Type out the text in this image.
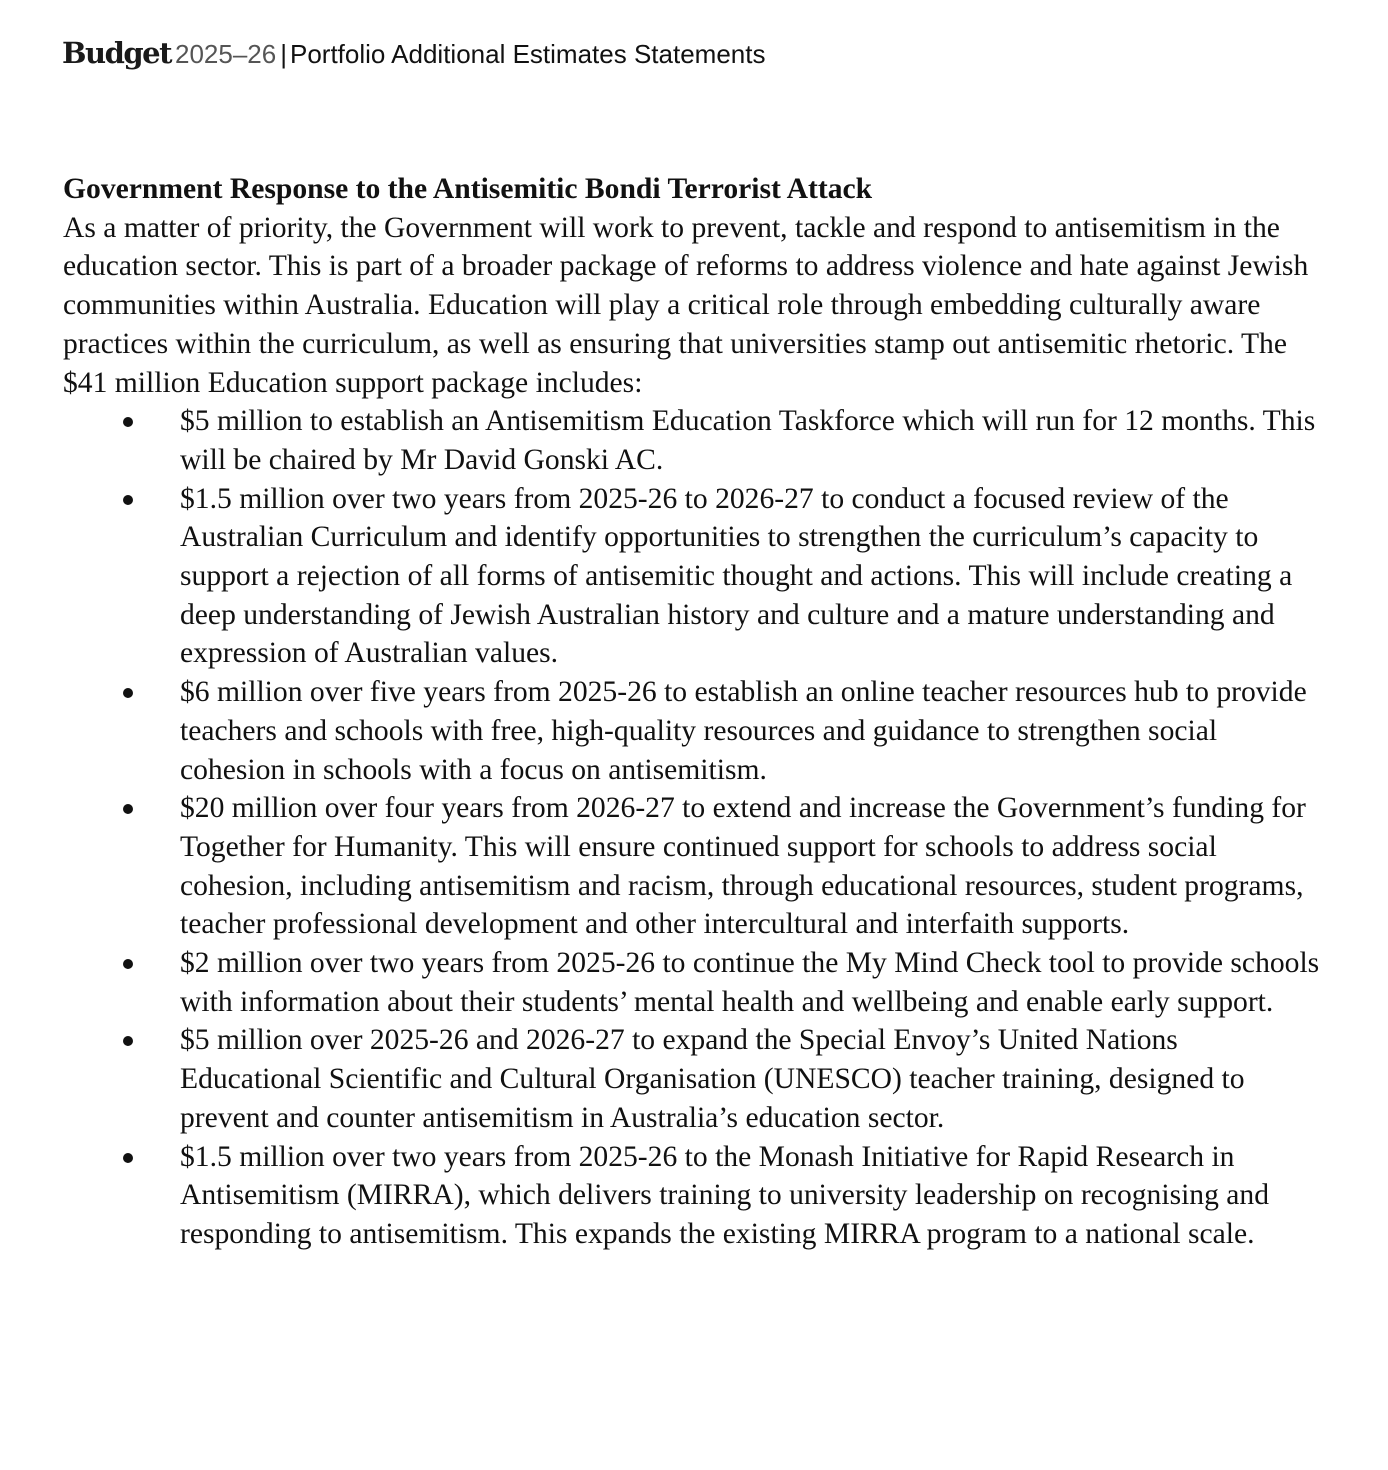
Budget 2025–26 | Portfolio Additional Estimates Statements

Government Response to the Antisemitic Bondi Terrorist Attack

As a matter of priority, the Government will work to prevent, tackle and respond to antisemitism in the education sector. This is part of a broader package of reforms to address violence and hate against Jewish communities within Australia. Education will play a critical role through embedding culturally aware practices within the curriculum, as well as ensuring that universities stamp out antisemitic rhetoric. The $41 million Education support package includes:

$5 million to establish an Antisemitism Education Taskforce which will run for 12 months. This will be chaired by Mr David Gonski AC.
$1.5 million over two years from 2025-26 to 2026-27 to conduct a focused review of the Australian Curriculum and identify opportunities to strengthen the curriculum’s capacity to support a rejection of all forms of antisemitic thought and actions. This will include creating a deep understanding of Jewish Australian history and culture and a mature understanding and expression of Australian values.
$6 million over five years from 2025-26 to establish an online teacher resources hub to provide teachers and schools with free, high-quality resources and guidance to strengthen social cohesion in schools with a focus on antisemitism.
$20 million over four years from 2026-27 to extend and increase the Government’s funding for Together for Humanity. This will ensure continued support for schools to address social cohesion, including antisemitism and racism, through educational resources, student programs, teacher professional development and other intercultural and interfaith supports.
$2 million over two years from 2025-26 to continue the My Mind Check tool to provide schools with information about their students’ mental health and wellbeing and enable early support.
$5 million over 2025-26 and 2026-27 to expand the Special Envoy’s United Nations Educational Scientific and Cultural Organisation (UNESCO) teacher training, designed to prevent and counter antisemitism in Australia’s education sector.
$1.5 million over two years from 2025-26 to the Monash Initiative for Rapid Research in Antisemitism (MIRRA), which delivers training to university leadership on recognising and responding to antisemitism. This expands the existing MIRRA program to a national scale.
